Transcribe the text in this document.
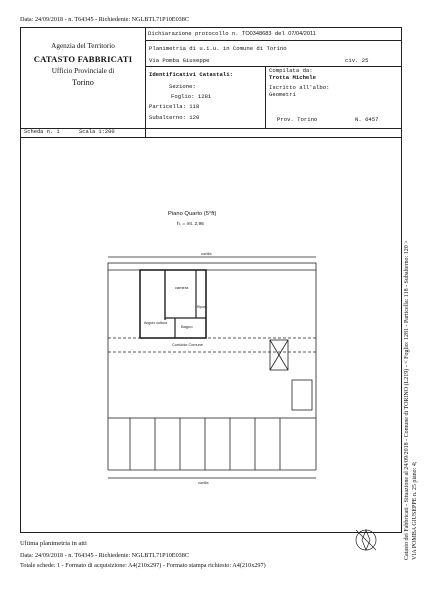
Data: 24/09/2018 - n. T64345 - Richiedente: NGLBTL71P10E038C
Agenzia del Territorio
CATASTO FABBRICATI
Ufficio Provinciale di
Torino
Dichiarazione protocollo n. TO0348683 del 07/04/2011
Planimetria di u.i.u. in Comune di Torino
Via Pomba Giuseppe	civ. 25
Identificativi Catastali:
Sezione:
Foglio: 1281
Particella: 118
Subalterno: 120
Compilata da:
Trotta Michele
Iscritto all'albo:
Geometri
Prov. Torino	N. 6457
Scheda n. 1	Scala 1:200
Piano Quarto (5°ft)
h. = mt. 2,96
cortile
camera
Angolo cottura
Bagno
Ripost.
Corridoio Comune
cortile
Ultima planimetria in atti
Data: 24/09/2018 - n. T64345 - Richiedente: NGLBTL71P10E038C
Totale schede: 1 - Formato di acquisizione: A4(210x297) - Formato stampa richiesto: A4(210x297)
Catasto dei Fabbricati - Situazione al 24/09/2018 - Comune di TORINO (L219) - < Foglio: 1281 - Particella: 118 - Subalterno: 120 > VIA POMBA GIUSEPPE n. 25 piano: 4;
